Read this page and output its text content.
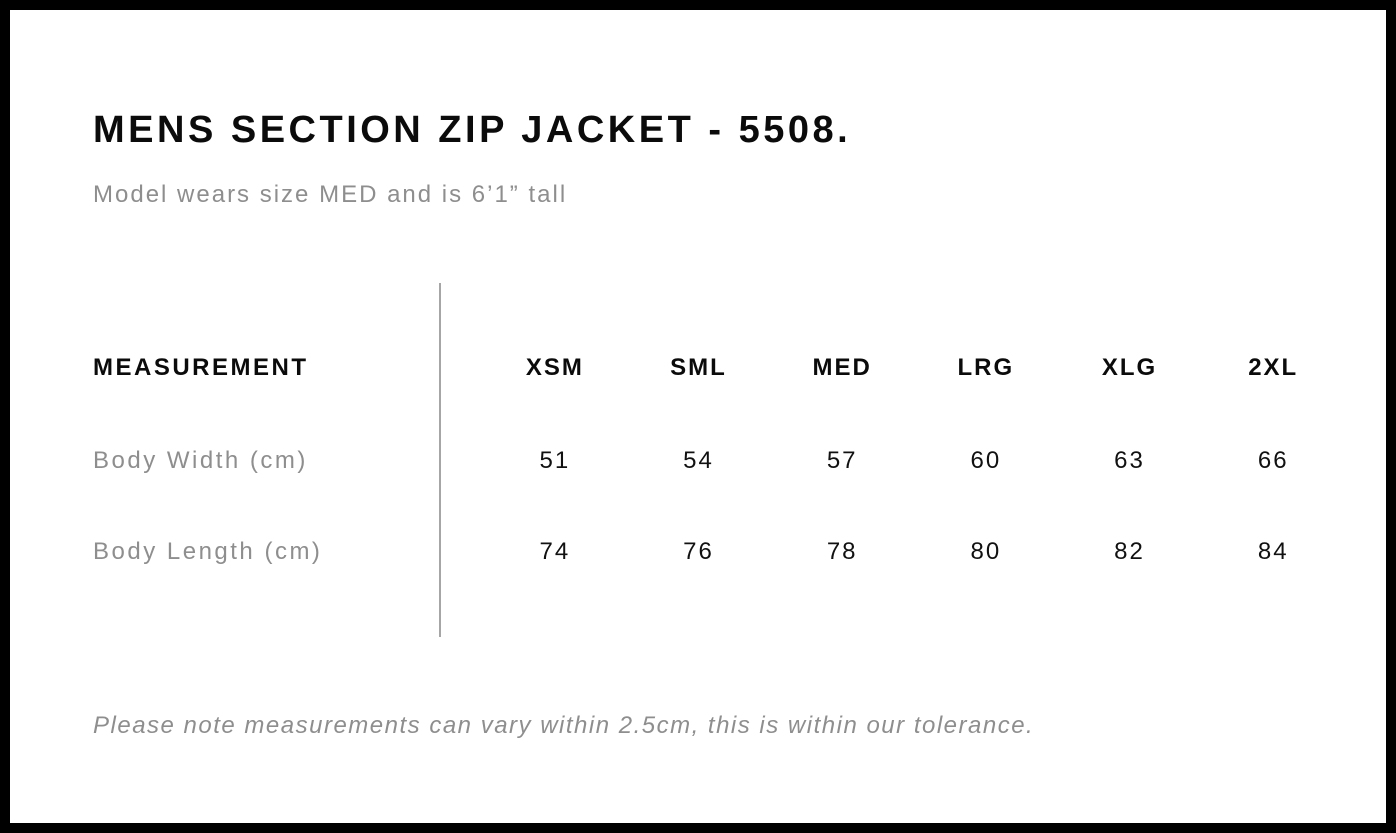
MENS SECTION ZIP JACKET - 5508.

Model wears size MED and is 6’1” tall

MEASUREMENT	XSM	SML	MED	LRG	XLG	2XL
Body Width (cm)	51	54	57	60	63	66
Body Length (cm)	74	76	78	80	82	84

Please note measurements can vary within 2.5cm, this is within our tolerance.
